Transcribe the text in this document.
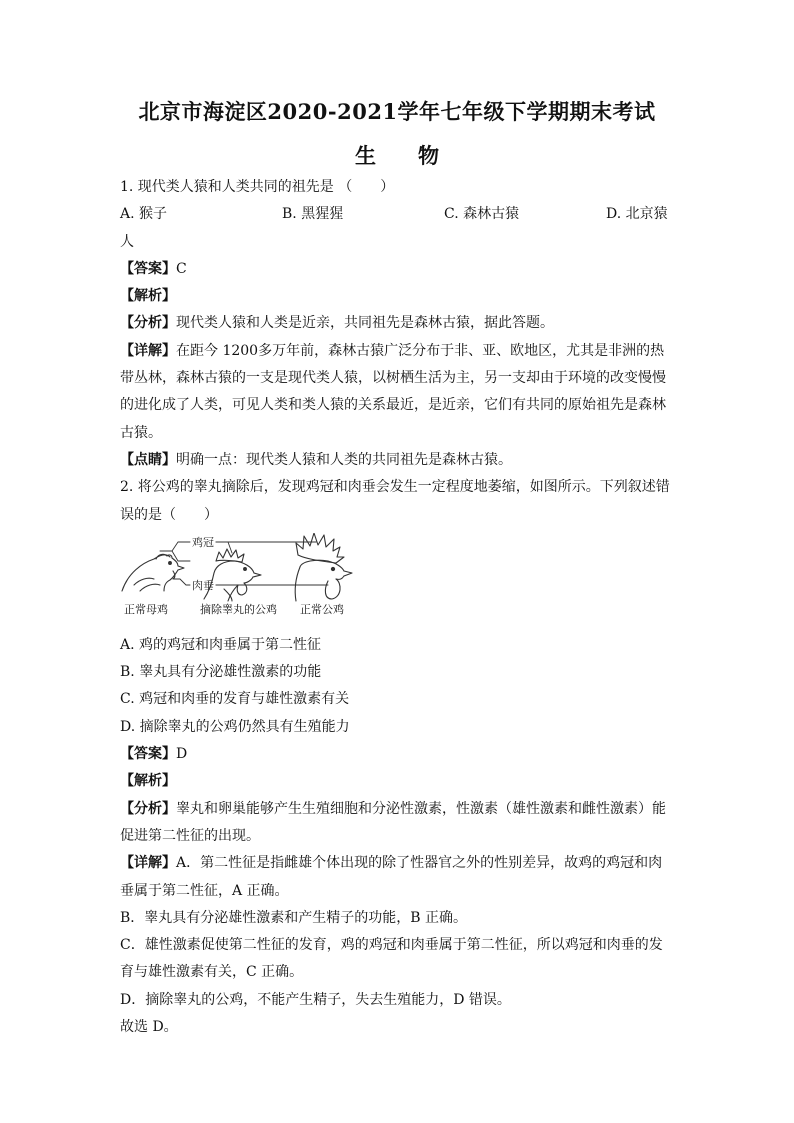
北京市海淀区2020-2021学年七年级下学期期末考试
生　　物

1. 现代类人猿和人类共同的祖先是 （　　）

A. 猴子	B. 黑猩猩	C. 森林古猿	D. 北京猿

人

【答案】C

【解析】

【分析】现代类人猿和人类是近亲，共同祖先是森林古猿，据此答题。

【详解】在距今 1200多万年前，森林古猿广泛分布于非、亚、欧地区，尤其是非洲的热带丛林，森林古猿的一支是现代类人猿，以树栖生活为主，另一支却由于环境的改变慢慢的进化成了人类，可见人类和类人猿的关系最近，是近亲，它们有共同的原始祖先是森林古猿。

【点睛】明确一点：现代类人猿和人类的共同祖先是森林古猿。

2. 将公鸡的睾丸摘除后，发现鸡冠和肉垂会发生一定程度地萎缩，如图所示。下列叙述错误的是（　　）

鸡冠
肉垂
正常母鸡	摘除睾丸的公鸡 正常公鸡

A. 鸡的鸡冠和肉垂属于第二性征

B. 睾丸具有分泌雄性激素的功能

C. 鸡冠和肉垂的发育与雄性激素有关

D. 摘除睾丸的公鸡仍然具有生殖能力

【答案】D

【解析】

【分析】睾丸和卵巢能够产生生殖细胞和分泌性激素，性激素（雄性激素和雌性激素）能促进第二性征的出现。

【详解】A．第二性征是指雌雄个体出现的除了性器官之外的性别差异，故鸡的鸡冠和肉垂属于第二性征，A 正确。

B．睾丸具有分泌雄性激素和产生精子的功能，B 正确。

C．雄性激素促使第二性征的发育，鸡的鸡冠和肉垂属于第二性征，所以鸡冠和肉垂的发育与雄性激素有关，C 正确。

D．摘除睾丸的公鸡，不能产生精子，失去生殖能力，D 错误。

故选 D。
